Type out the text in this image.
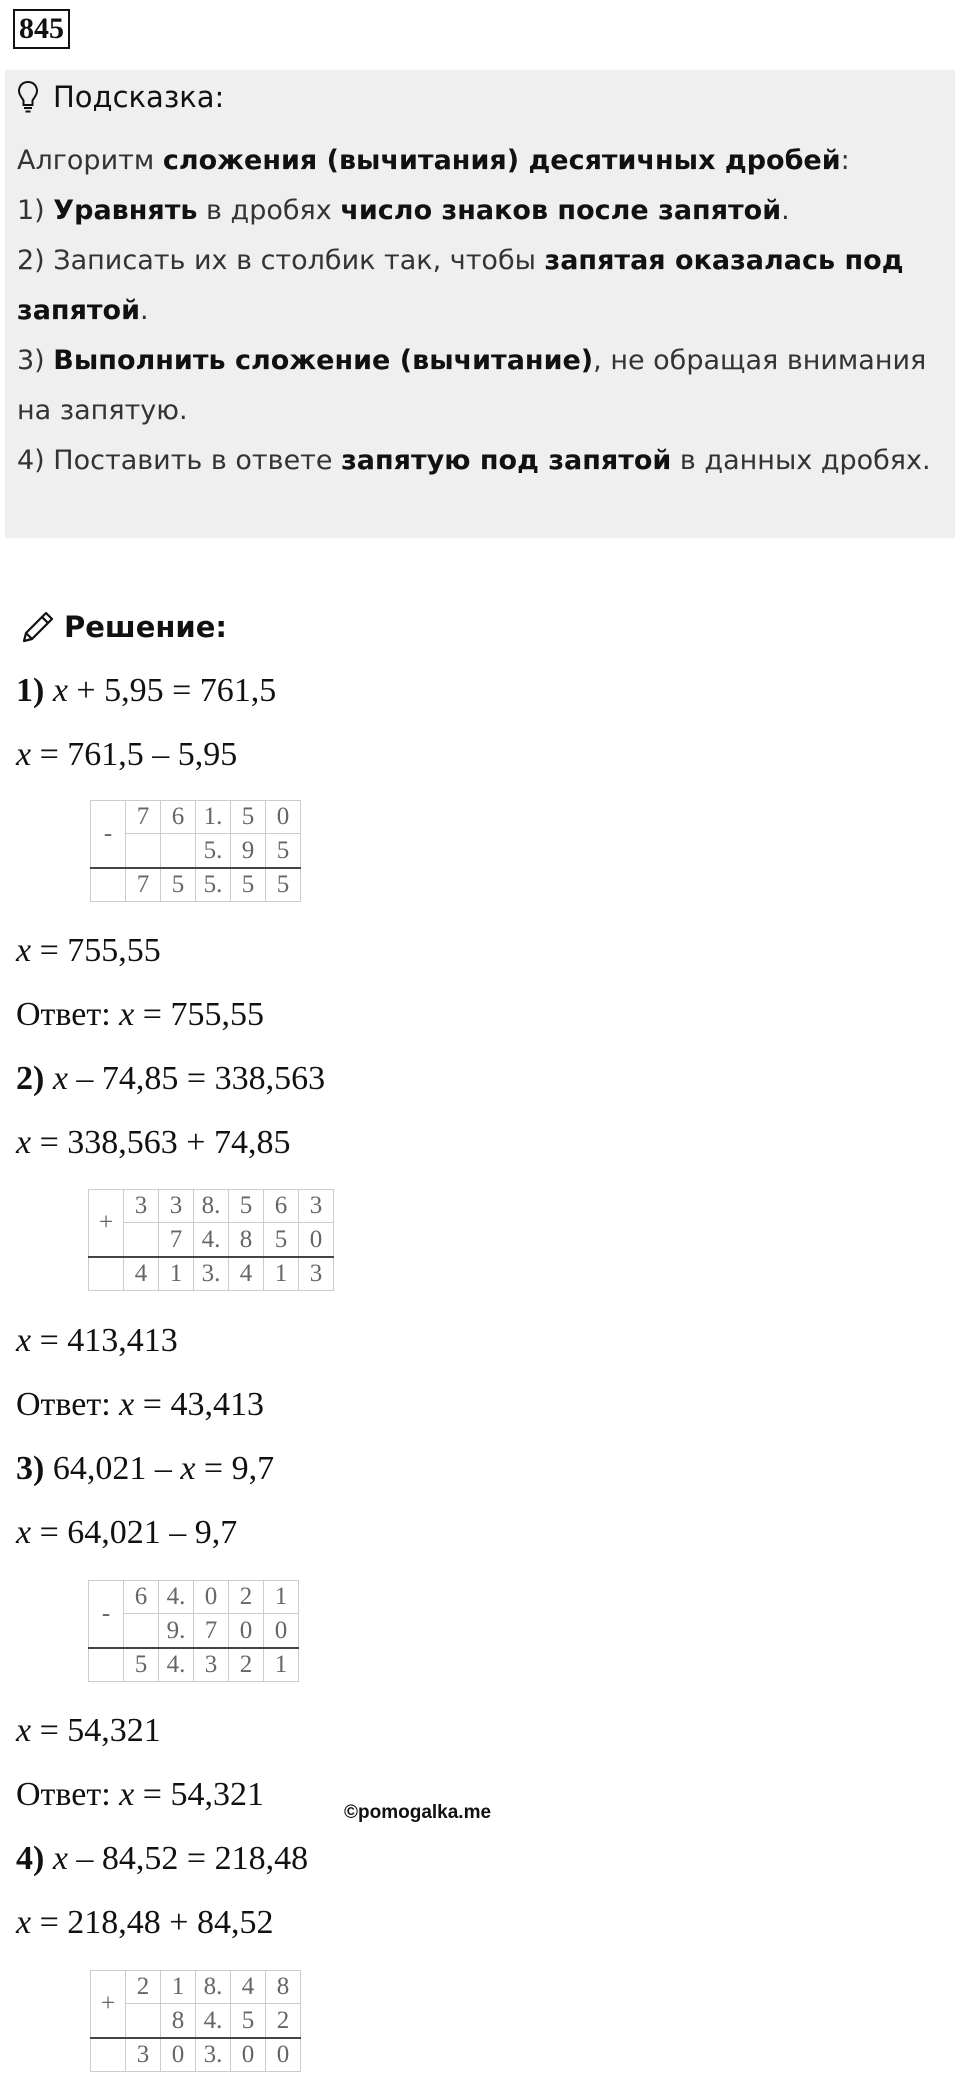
845
Подсказка:
Алгоритм сложения (вычитания) десятичных дробей:
1) Уравнять в дробях число знаков после запятой.
2) Записать их в столбик так, чтобы запятая оказалась под
запятой.
3) Выполнить сложение (вычитание), не обращая внимания
на запятую.
4) Поставить в ответе запятую под запятой в данных дробях.
Решение:
1) x + 5,95 = 761,5
x = 761,5 – 5,95
-	7	6	1.	5	0
			5.	9	5
	7	5	5.	5	5
x = 755,55
Ответ: x = 755,55
2) x – 74,85 = 338,563
x = 338,563 + 74,85
+	3	3	8.	5	6	3
		7	4.	8	5	0
	4	1	3.	4	1	3
x = 413,413
Ответ: x = 43,413
3) 64,021 – x = 9,7
x = 64,021 – 9,7
-	6	4.	0	2	1
		9.	7	0	0
	5	4.	3	2	1
x = 54,321
Ответ: x = 54,321	©pomogalka.me
4) x – 84,52 = 218,48
x = 218,48 + 84,52
+	2	1	8.	4	8
		8	4.	5	2
	3	0	3.	0	0
